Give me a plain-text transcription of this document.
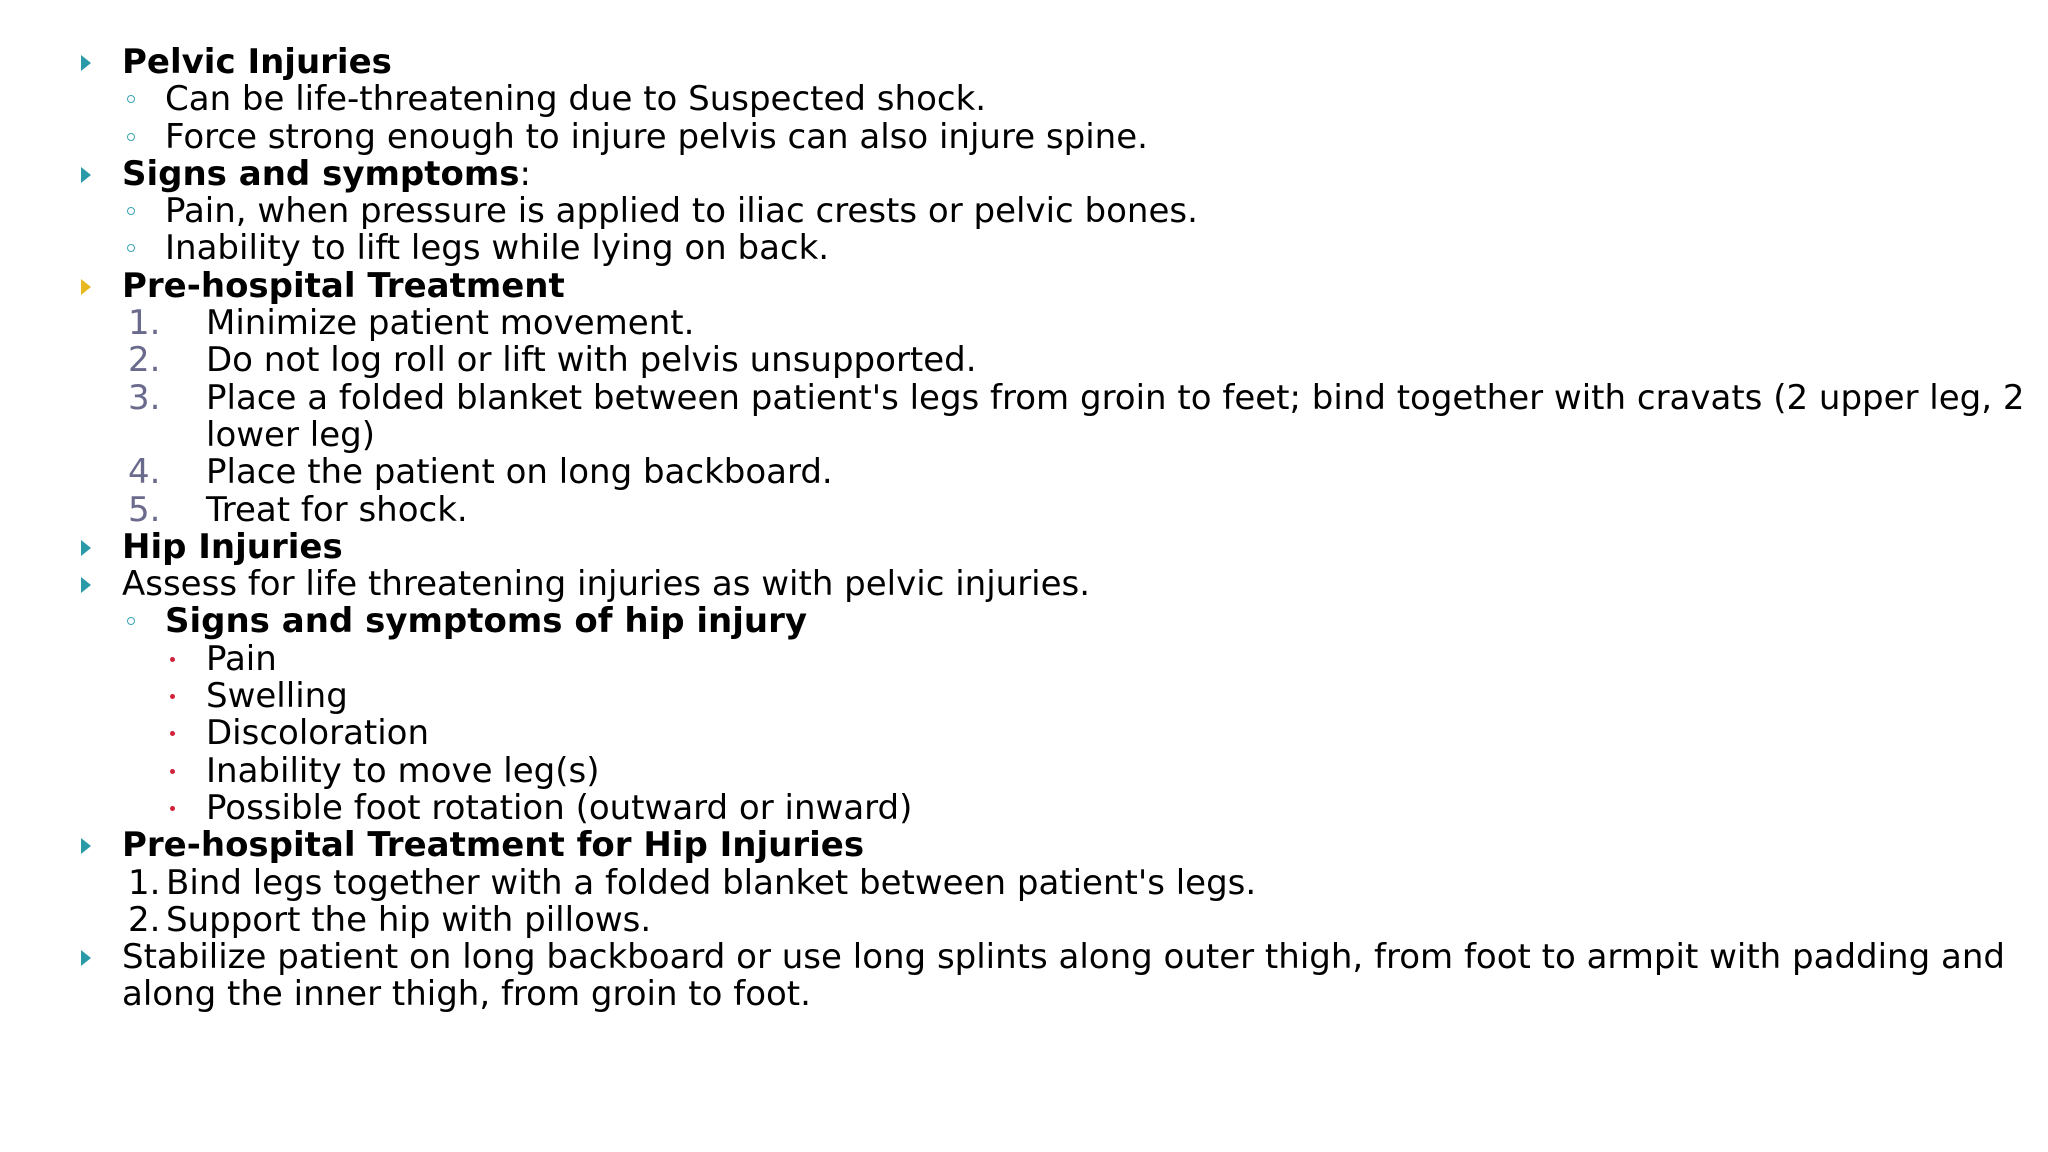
Pelvic Injuries
Can be life-threatening due to Suspected shock.
Force strong enough to injure pelvis can also injure spine.
Signs and symptoms:
Pain, when pressure is applied to iliac crests or pelvic bones.
Inability to lift legs while lying on back.
Pre-hospital Treatment
1.	Minimize patient movement.
2.	Do not log roll or lift with pelvis unsupported.
3.	Place a folded blanket between patient's legs from groin to feet; bind together with cravats (2 upper leg, 2
lower leg)
4.	Place the patient on long backboard.
5.	Treat for shock.
Hip Injuries
Assess for life threatening injuries as with pelvic injuries.
Signs and symptoms of hip injury
Pain
Swelling
Discoloration
Inability to move leg(s)
Possible foot rotation (outward or inward)
Pre-hospital Treatment for Hip Injuries
1. Bind legs together with a folded blanket between patient's legs.
2. Support the hip with pillows.
Stabilize patient on long backboard or use long splints along outer thigh, from foot to armpit with padding and
along the inner thigh, from groin to foot.
